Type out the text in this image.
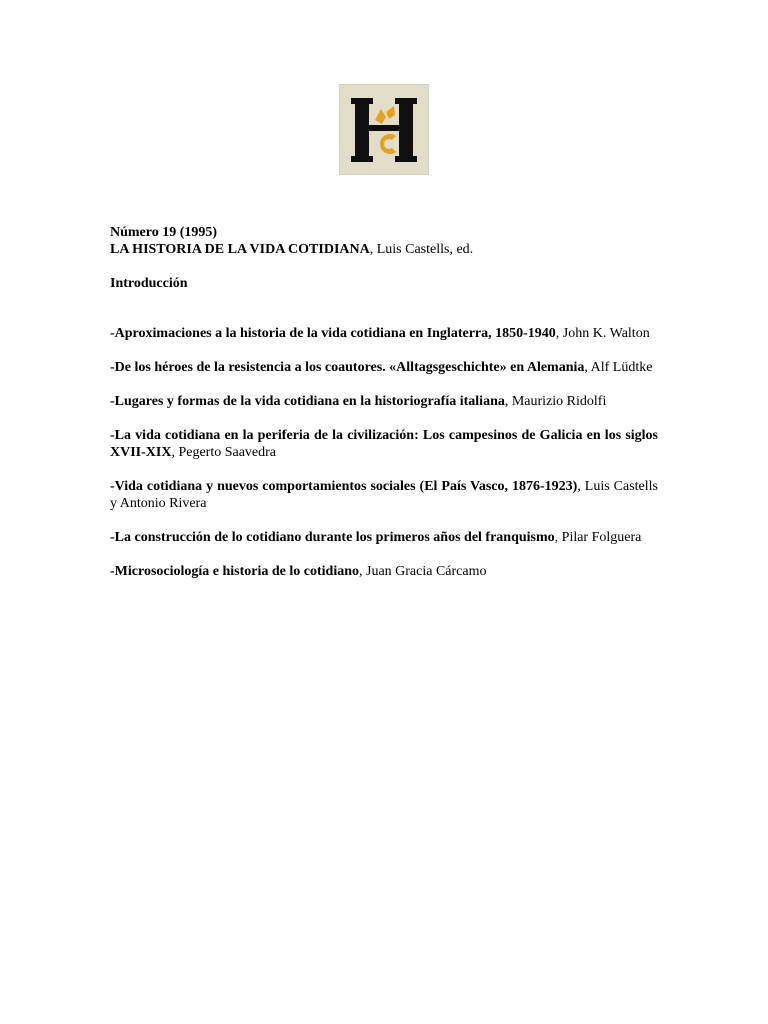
Número 19 (1995)
LA HISTORIA DE LA VIDA COTIDIANA, Luis Castells, ed.
Introducción
-Aproximaciones a la historia de la vida cotidiana en Inglaterra, 1850-1940, John K. Walton
-De los héroes de la resistencia a los coautores. «Alltagsgeschichte» en Alemania, Alf Lüdtke
-Lugares y formas de la vida cotidiana en la historiografía italiana, Maurizio Ridolfi
-La vida cotidiana en la periferia de la civilización: Los campesinos de Galicia en los siglos XVII-XIX, Pegerto Saavedra
-Vida cotidiana y nuevos comportamientos sociales (El País Vasco, 1876-1923), Luis Castells y Antonio Rivera
-La construcción de lo cotidiano durante los primeros años del franquismo, Pilar Folguera
-Microsociología e historia de lo cotidiano, Juan Gracia Cárcamo
